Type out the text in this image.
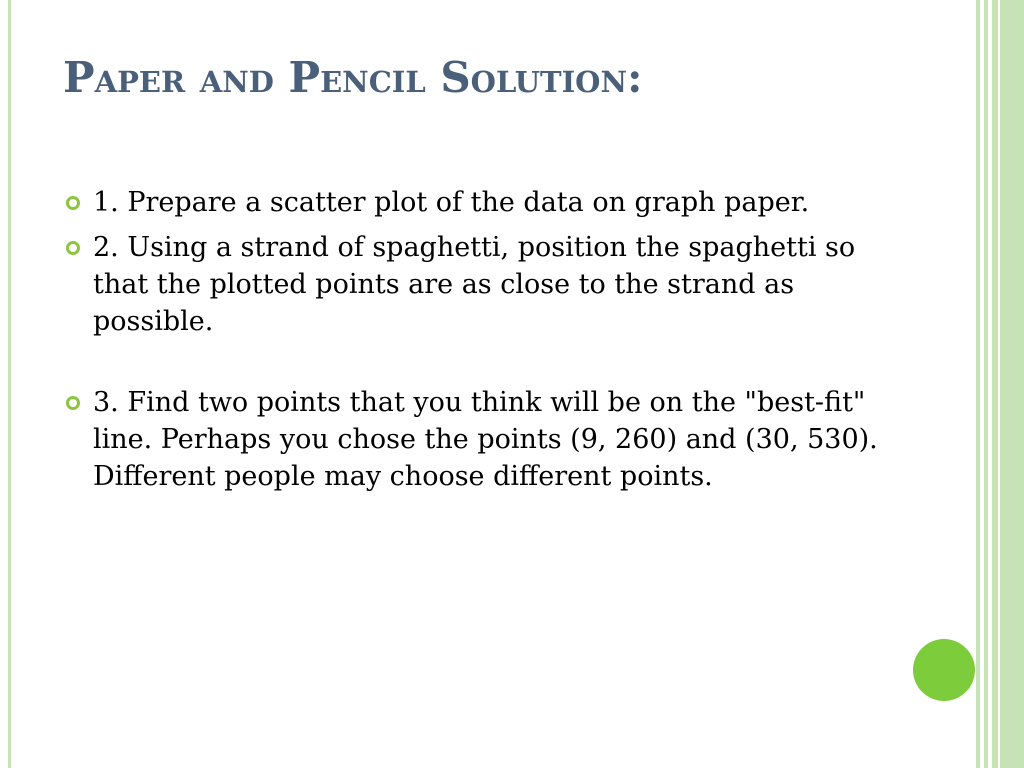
Paper and Pencil Solution:
1. Prepare a scatter plot of the data on graph paper.
2. Using a strand of spaghetti, position the spaghetti so that the plotted points are as close to the strand as possible.
3. Find two points that you think will be on the "best-fit" line. Perhaps you chose the points (9, 260) and (30, 530). Different people may choose different points.
